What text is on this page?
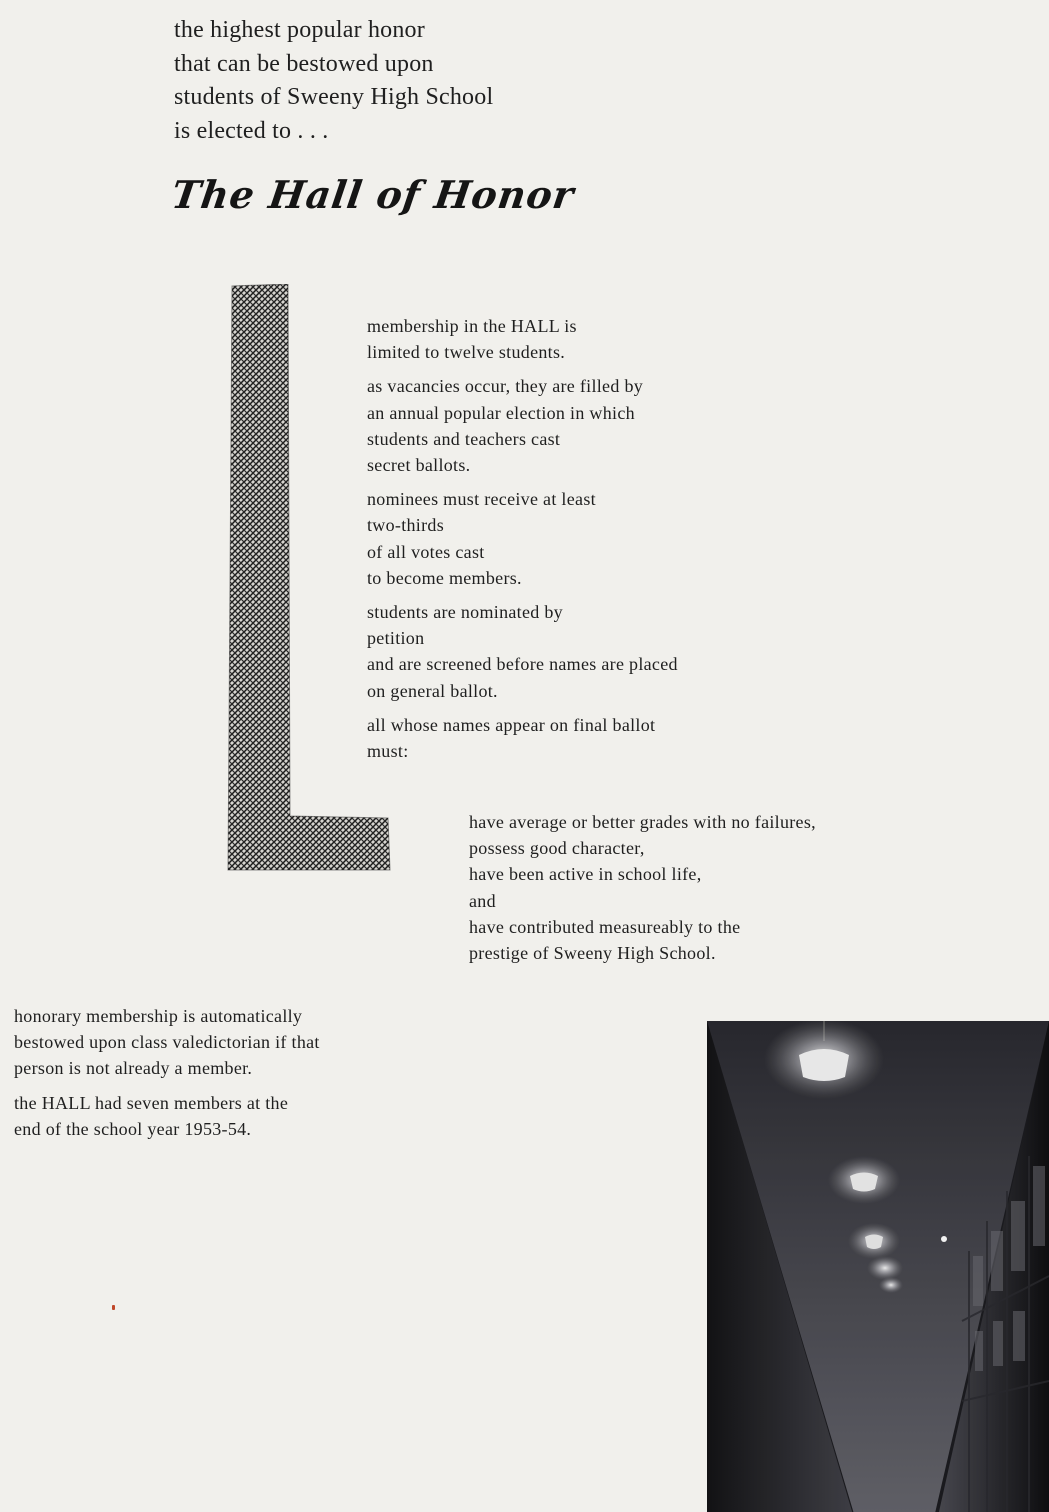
the highest popular honor
that can be bestowed upon
students of Sweeny High School
is elected to . . .
The Hall of Honor
membership in the HALL is
limited to twelve students.
as vacancies occur, they are filled by
an annual popular election in which
students and teachers cast
secret ballots.
nominees must receive at least
two-thirds
of all votes cast
to become members.
students are nominated by
petition
and are screened before names are placed
on general ballot.
all whose names appear on final ballot
must:
have average or better grades with no failures,
possess good character,
have been active in school life,
and
have contributed measureably to the
prestige of Sweeny High School.
honorary membership is automatically
bestowed upon class valedictorian if that
person is not already a member.
the HALL had seven members at the
end of the school year 1953-54.
